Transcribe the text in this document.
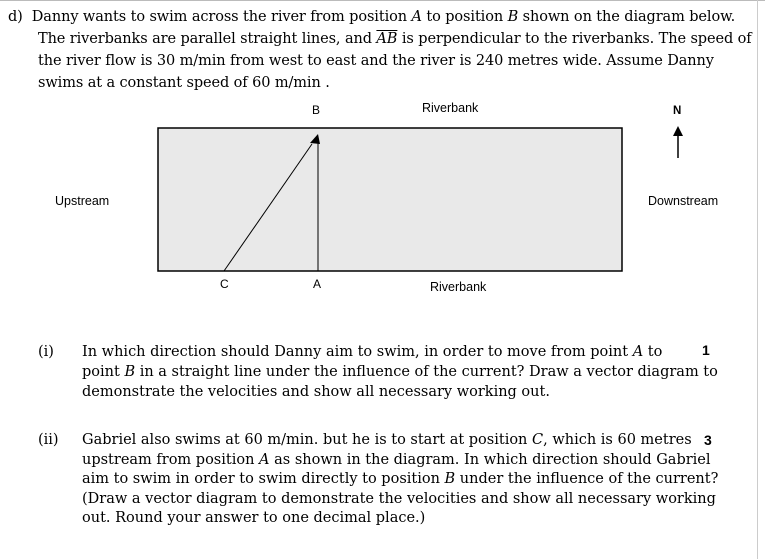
d) Danny wants to swim across the river from position A to position B shown on the diagram below.
The riverbanks are parallel straight lines, and $\overline{AB}$ is perpendicular to the riverbanks. The speed of
the river flow is 30 m/min from west to east and the river is 240 metres wide. Assume Danny
swims at a constant speed of 60 m/min .
B	Riverbank	N
Upstream	Downstream
C	A	Riverbank
(i) In which direction should Danny aim to swim, in order to move from point A to
point B in a straight line under the influence of the current? Draw a vector diagram to
demonstrate the velocities and show all necessary working out.
1
(ii) Gabriel also swims at 60 m/min. but he is to start at position C, which is 60 metres
upstream from position A as shown in the diagram. In which direction should Gabriel
aim to swim in order to swim directly to position B under the influence of the current?
(Draw a vector diagram to demonstrate the velocities and show all necessary working
out. Round your answer to one decimal place.)
3
